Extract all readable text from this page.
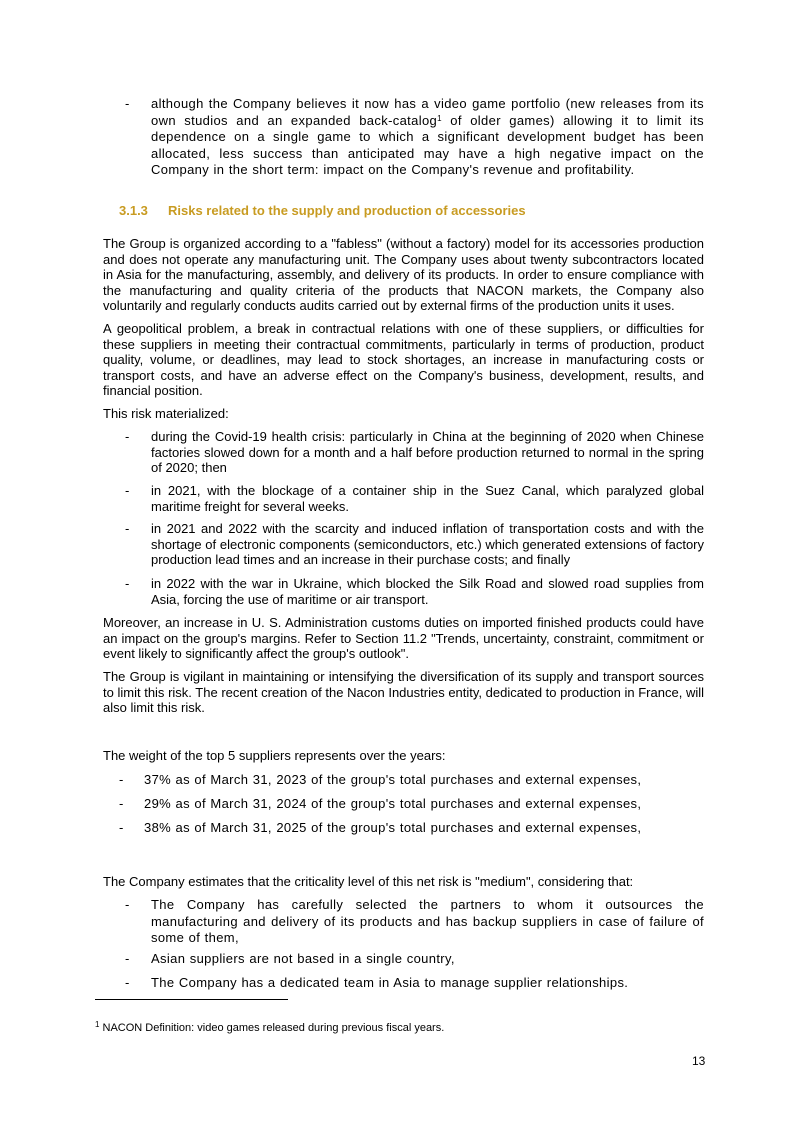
- although the Company believes it now has a video game portfolio (new releases from its own studios and an expanded back-catalog$^1$ of older games) allowing it to limit its dependence on a single game to which a significant development budget has been allocated, less success than anticipated may have a high negative impact on the Company in the short term: impact on the Company's revenue and profitability.
3.1.3 Risks related to the supply and production of accessories

The Group is organized according to a "fabless" (without a factory) model for its accessories production and does not operate any manufacturing unit. The Company uses about twenty subcontractors located in Asia for the manufacturing, assembly, and delivery of its products. In order to ensure compliance with the manufacturing and quality criteria of the products that NACON markets, the Company also voluntarily and regularly conducts audits carried out by external firms of the production units it uses.

A geopolitical problem, a break in contractual relations with one of these suppliers, or difficulties for these suppliers in meeting their contractual commitments, particularly in terms of production, product quality, volume, or deadlines, may lead to stock shortages, an increase in manufacturing costs or transport costs, and have an adverse effect on the Company's business, development, results, and financial position.

This risk materialized:

- during the Covid-19 health crisis: particularly in China at the beginning of 2020 when Chinese factories slowed down for a month and a half before production returned to normal in the spring of 2020; then
- in 2021, with the blockage of a container ship in the Suez Canal, which paralyzed global maritime freight for several weeks.
- in 2021 and 2022 with the scarcity and induced inflation of transportation costs and with the shortage of electronic components (semiconductors, etc.) which generated extensions of factory production lead times and an increase in their purchase costs; and finally
- in 2022 with the war in Ukraine, which blocked the Silk Road and slowed road supplies from Asia, forcing the use of maritime or air transport.

Moreover, an increase in U. S. Administration customs duties on imported finished products could have an impact on the group's margins. Refer to Section 11.2 "Trends, uncertainty, constraint, commitment or event likely to significantly affect the group's outlook".

The Group is vigilant in maintaining or intensifying the diversification of its supply and transport sources to limit this risk. The recent creation of the Nacon Industries entity, dedicated to production in France, will also limit this risk.

The weight of the top 5 suppliers represents over the years:

- 37% as of March 31, 2023 of the group's total purchases and external expenses,
- 29% as of March 31, 2024 of the group's total purchases and external expenses,
- 38% as of March 31, 2025 of the group's total purchases and external expenses,

The Company estimates that the criticality level of this net risk is "medium", considering that:

- The Company has carefully selected the partners to whom it outsources the manufacturing and delivery of its products and has backup suppliers in case of failure of some of them,
- Asian suppliers are not based in a single country,
- The Company has a dedicated team in Asia to manage supplier relationships.
$^1$ NACON Definition: video games released during previous fiscal years.
13
